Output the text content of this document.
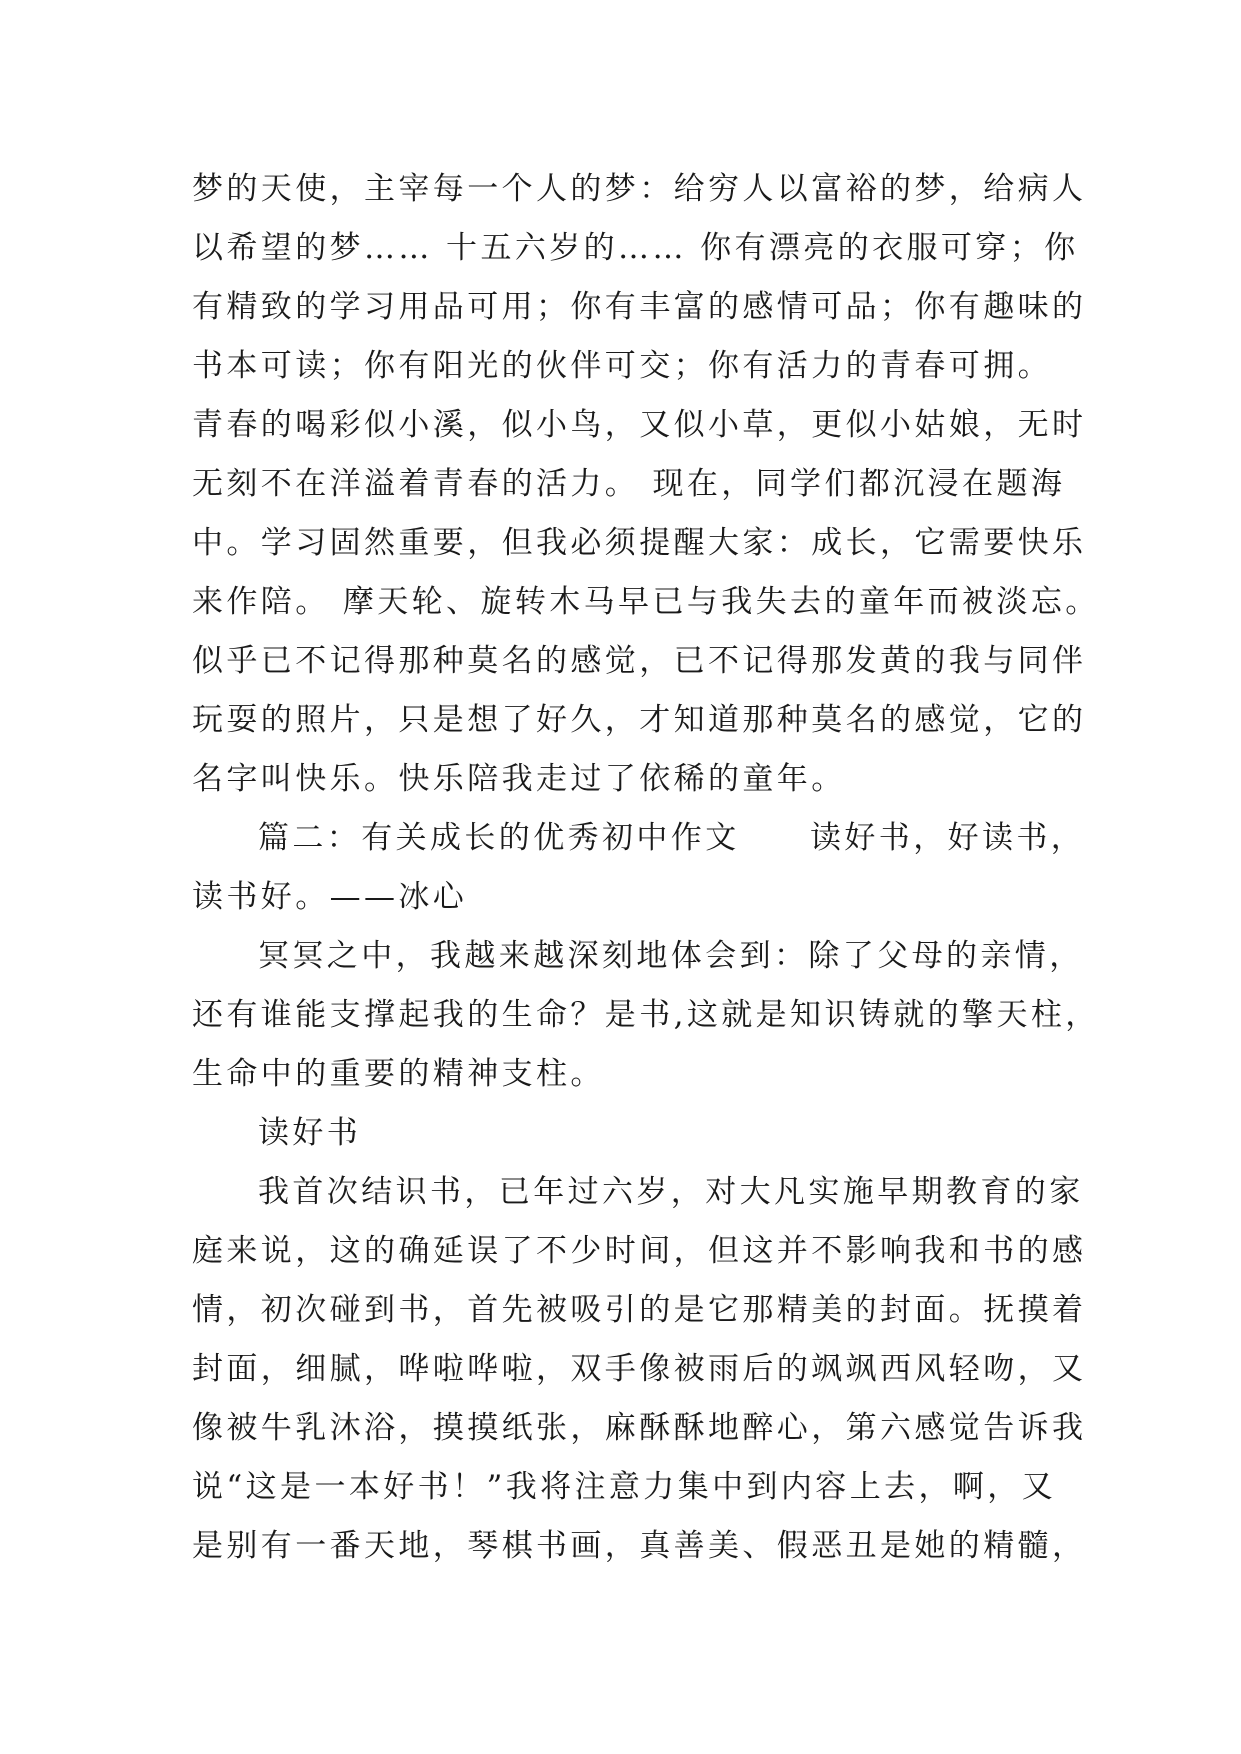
梦的天使，主宰每一个人的梦：给穷人以富裕的梦，给病人
以希望的梦…… 十五六岁的…… 你有漂亮的衣服可穿；你
有精致的学习用品可用；你有丰富的感情可品；你有趣味的
书本可读；你有阳光的伙伴可交；你有活力的青春可拥。
青春的喝彩似小溪，似小鸟，又似小草，更似小姑娘，无时
无刻不在洋溢着青春的活力。 现在，同学们都沉浸在题海
中。学习固然重要，但我必须提醒大家：成长，它需要快乐
来作陪。 摩天轮、旋转木马早已与我失去的童年而被淡忘。
似乎已不记得那种莫名的感觉，已不记得那发黄的我与同伴
玩耍的照片，只是想了好久，才知道那种莫名的感觉，它的
名字叫快乐。快乐陪我走过了依稀的童年。
篇二：有关成长的优秀初中作文 读好书，好读书，
读书好。——冰心
冥冥之中，我越来越深刻地体会到：除了父母的亲情，
还有谁能支撑起我的生命？是书,这就是知识铸就的擎天柱，
生命中的重要的精神支柱。
读好书
我首次结识书，已年过六岁，对大凡实施早期教育的家
庭来说，这的确延误了不少时间，但这并不影响我和书的感
情，初次碰到书，首先被吸引的是它那精美的封面。抚摸着
封面，细腻，哗啦哗啦，双手像被雨后的飒飒西风轻吻，又
像被牛乳沐浴，摸摸纸张，麻酥酥地醉心，第六感觉告诉我
说“这是一本好书！”我将注意力集中到内容上去，啊，又
是别有一番天地，琴棋书画，真善美、假恶丑是她的精髓，
